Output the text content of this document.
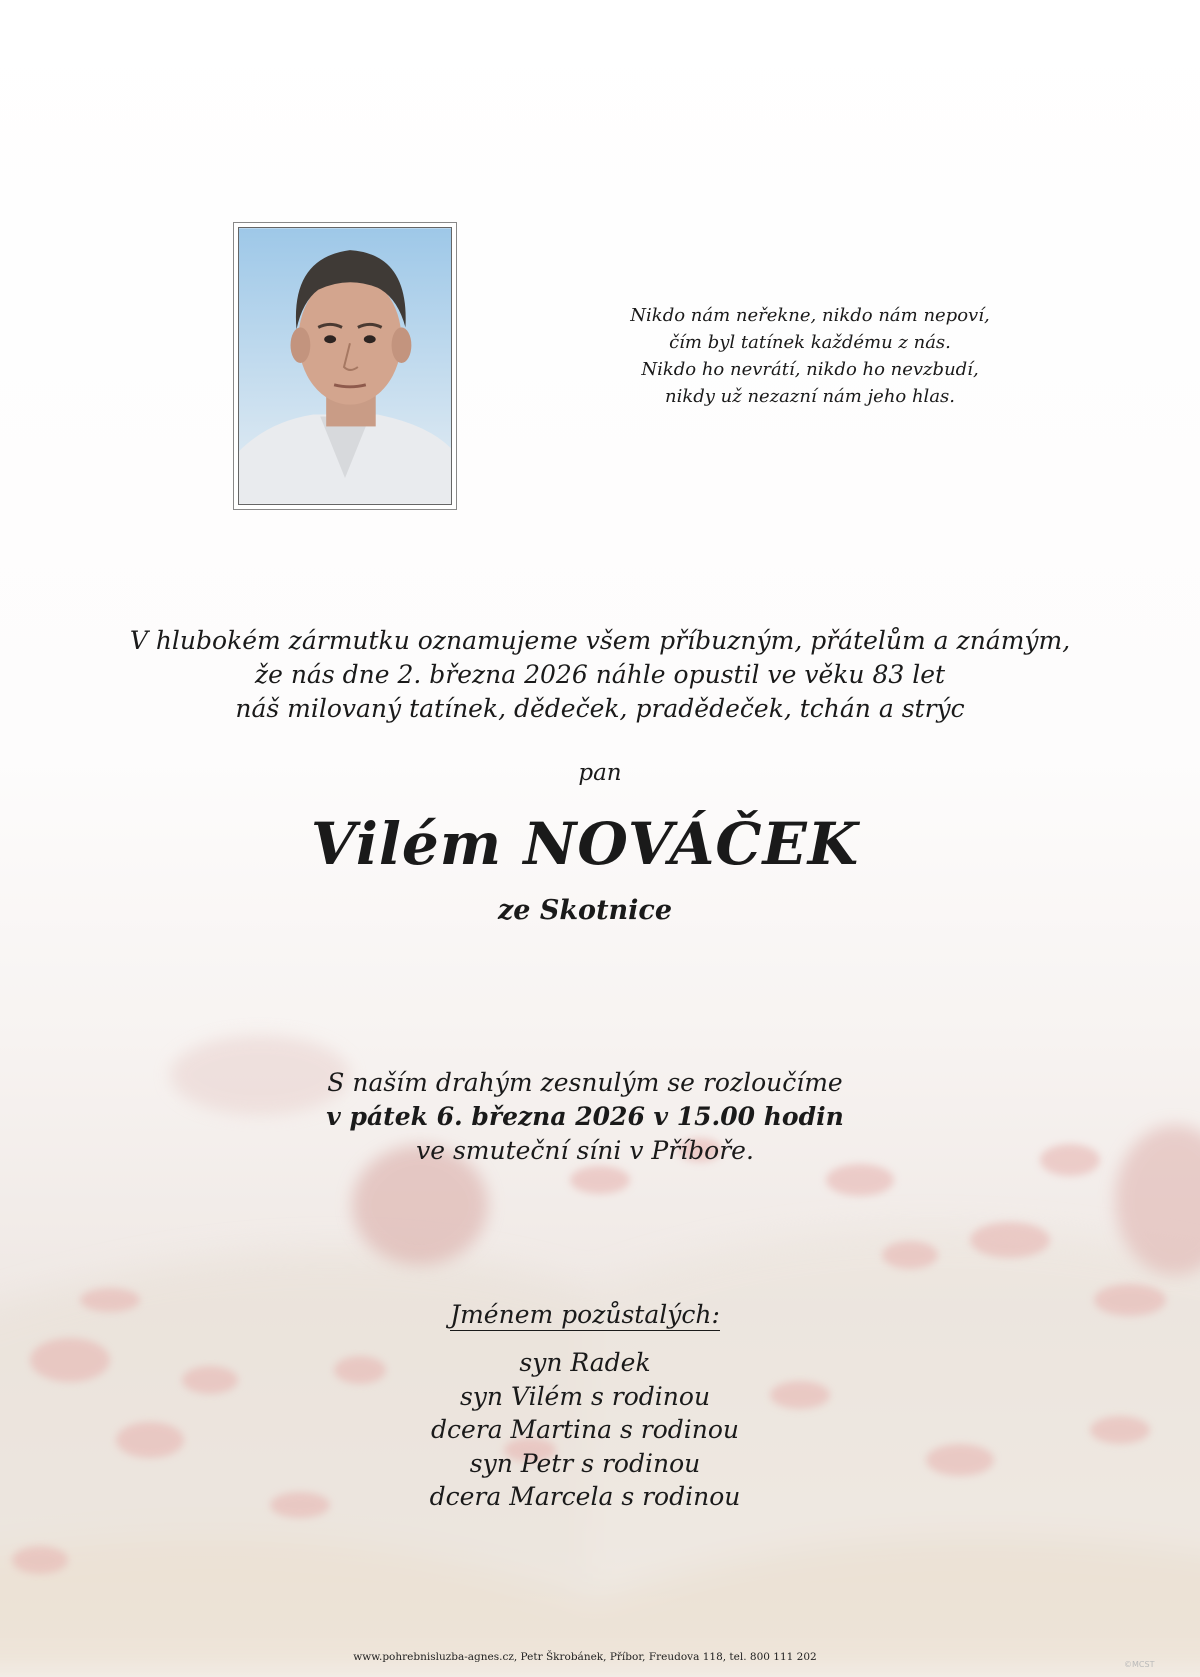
Nikdo nám neřekne, nikdo nám nepoví,
čím byl tatínek každému z nás.
Nikdo ho nevrátí, nikdo ho nevzbudí,
nikdy už nezazní nám jeho hlas.
V hlubokém zármutku oznamujeme všem příbuzným, přátelům a známým,
že nás dne 2. března 2026 náhle opustil ve věku 83 let
náš milovaný tatínek, dědeček, pradědeček, tchán a strýc
pan
Vilém NOVÁČEK
ze Skotnice
S naším drahým zesnulým se rozloučíme
v pátek 6. března 2026 v 15.00 hodin
ve smuteční síni v Příboře.
Jménem pozůstalých:
syn Radek
syn Vilém s rodinou
dcera Martina s rodinou
syn Petr s rodinou
dcera Marcela s rodinou
www.pohrebnisluzba-agnes.cz, Petr Škrobánek, Příbor, Freudova 118, tel. 800 111 202
©MCST
